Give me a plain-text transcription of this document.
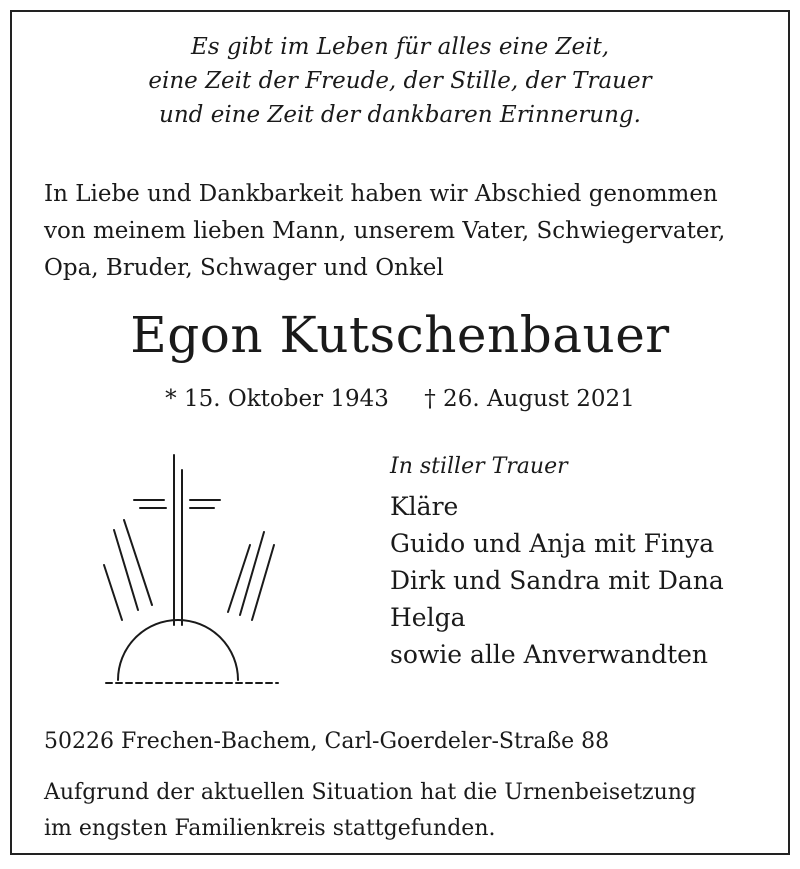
Es gibt im Leben für alles eine Zeit,
eine Zeit der Freude, der Stille, der Trauer
und eine Zeit der dankbaren Erinnerung.
In Liebe und Dankbarkeit haben wir Abschied genommen
von meinem lieben Mann, unserem Vater, Schwiegervater,
Opa, Bruder, Schwager und Onkel
Egon Kutschenbauer
* 15. Oktober 1943 † 26. August 2021
In stiller Trauer
Kläre
Guido und Anja mit Finya
Dirk und Sandra mit Dana
Helga
sowie alle Anverwandten
50226 Frechen-Bachem, Carl-Goerdeler-Straße 88
Aufgrund der aktuellen Situation hat die Urnenbeisetzung
im engsten Familienkreis stattgefunden.
